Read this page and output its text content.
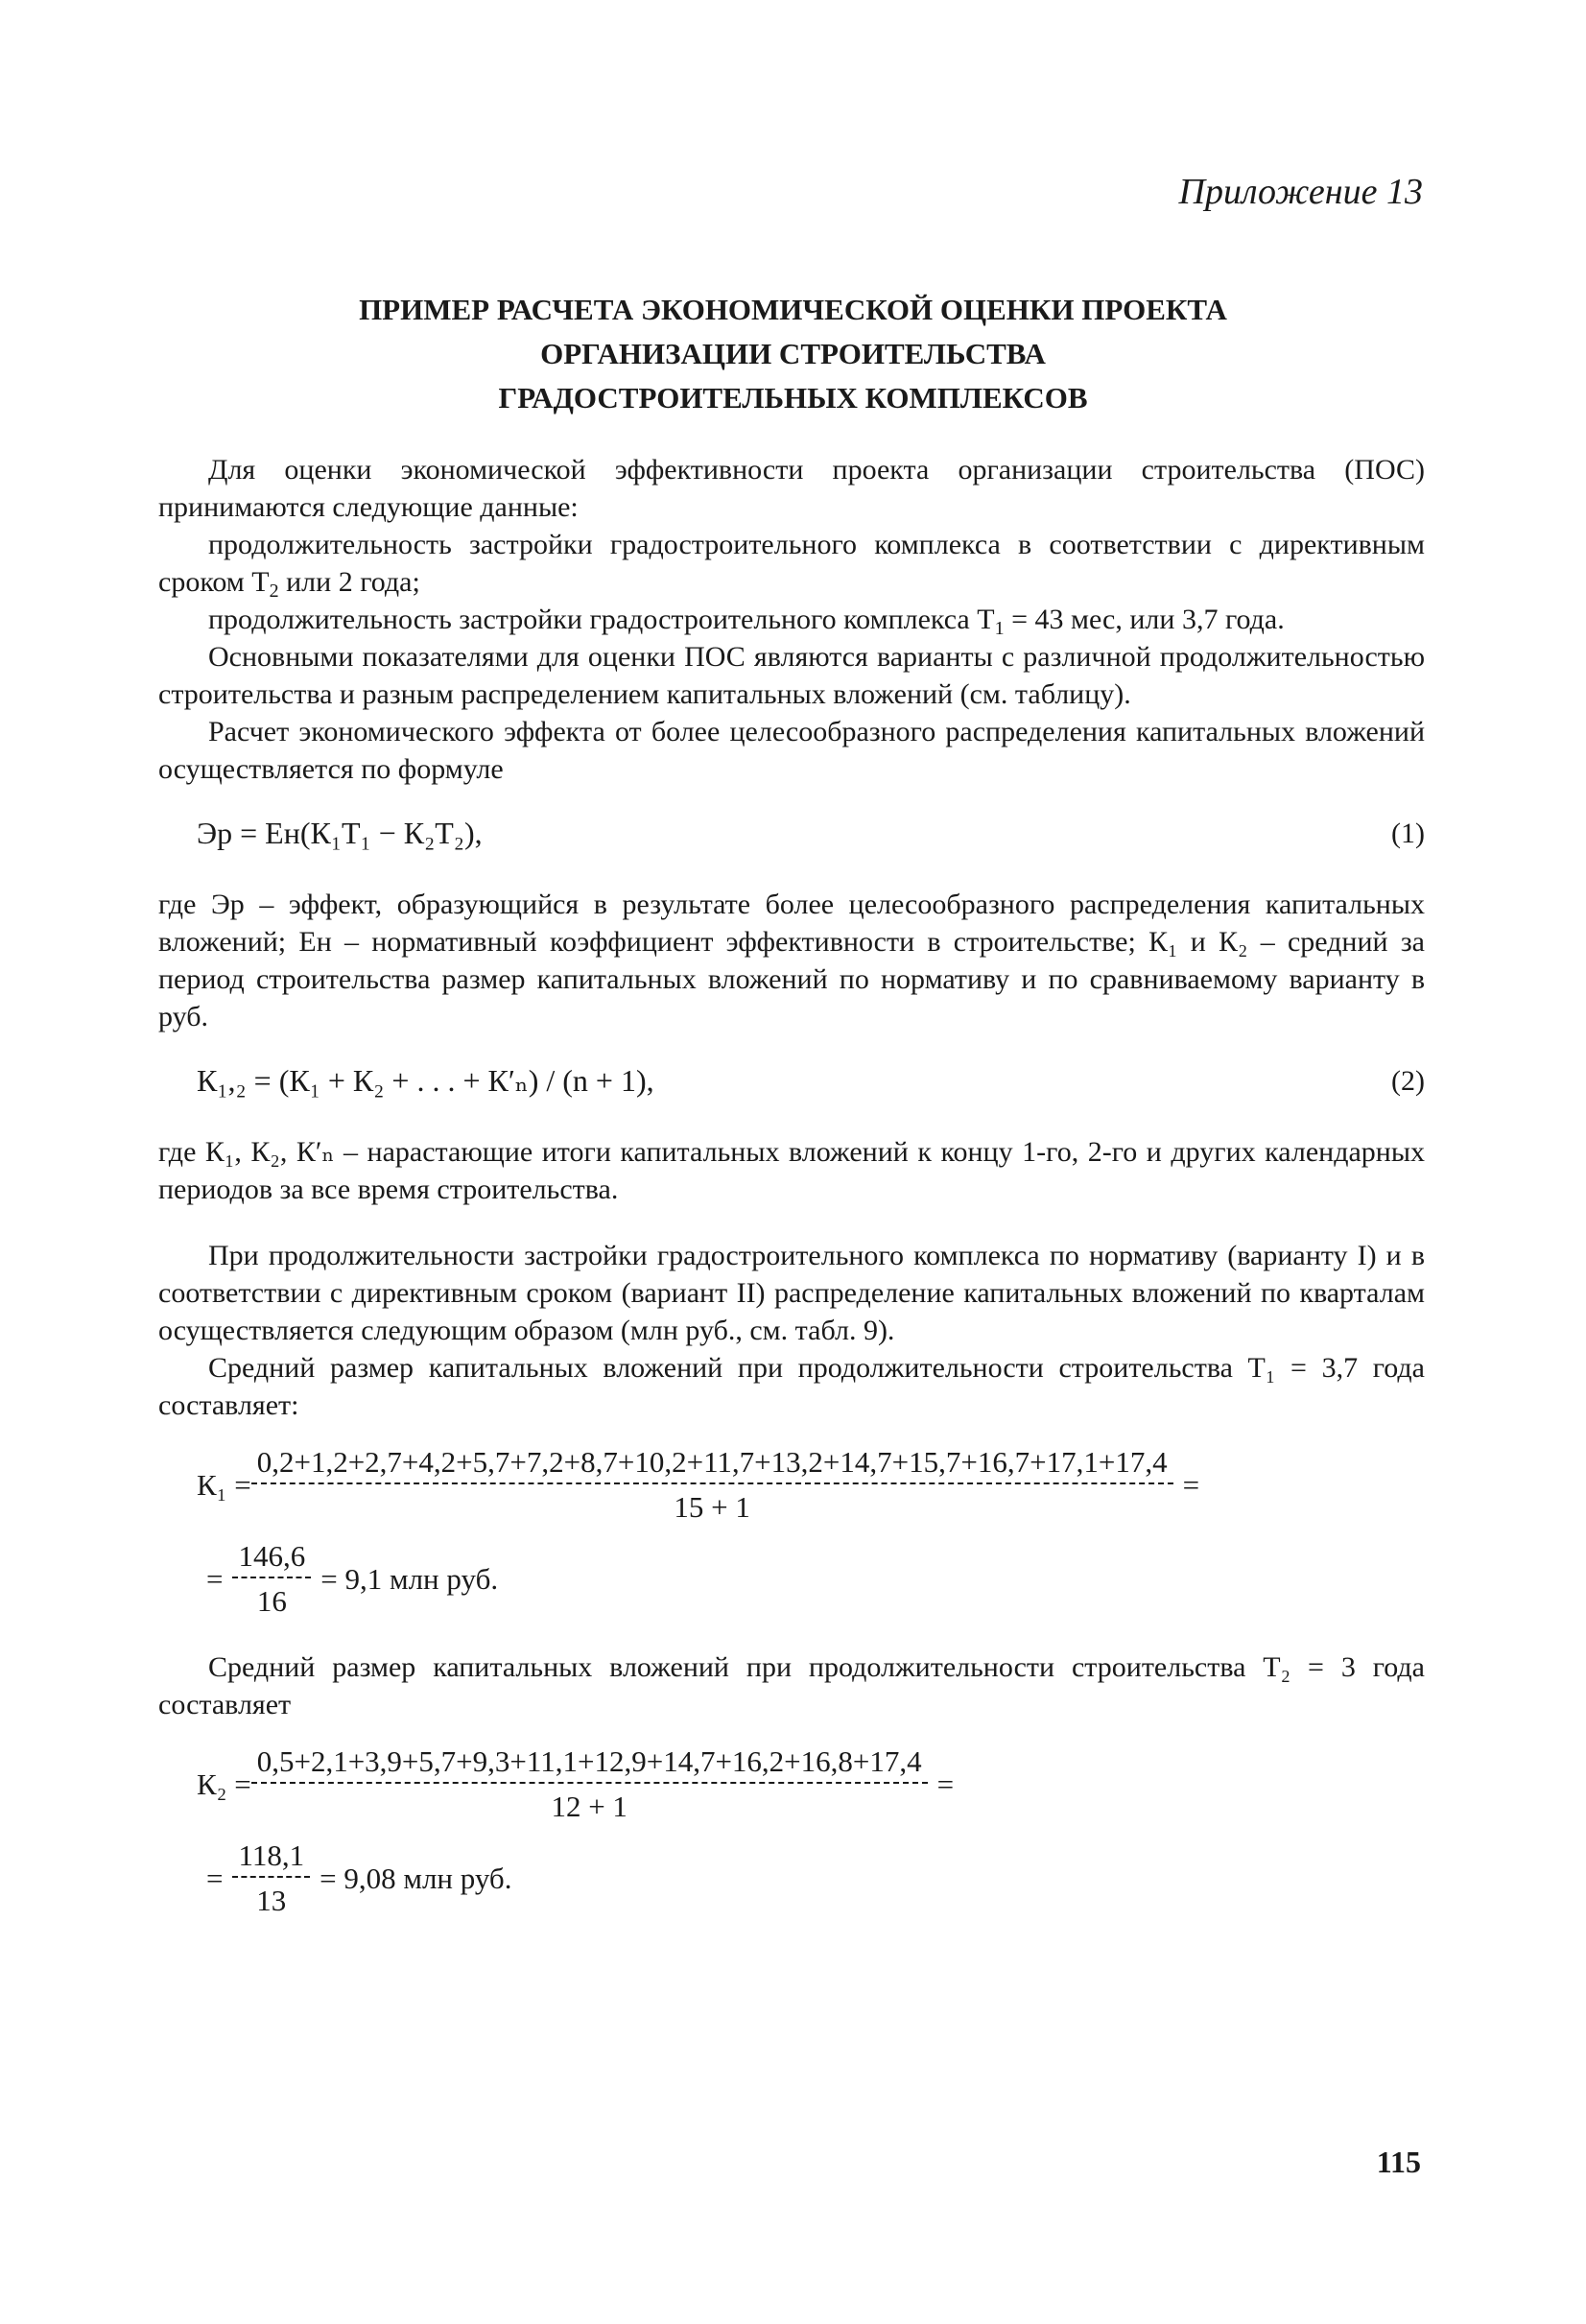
Приложение 13
ПРИМЕР РАСЧЕТА ЭКОНОМИЧЕСКОЙ ОЦЕНКИ ПРОЕКТА
ОРГАНИЗАЦИИ СТРОИТЕЛЬСТВА
ГРАДОСТРОИТЕЛЬНЫХ КОМПЛЕКСОВ

Для оценки экономической эффективности проекта организации строительства (ПОС) принимаются следующие данные:

продолжительность застройки градостроительного комплекса в соответствии с директивным сроком $Т_2$ или 2 года;

продолжительность застройки градостроительного комплекса $Т_1 = 43$ мес, или 3,7 года.

Основными показателями для оценки ПОС являются варианты с различной продолжительностью строительства и разным распределением капитальных вложений (см. таблицу).

Расчет экономического эффекта от более целесообразного распределения капитальных вложений осуществляется по формуле

Эр = Ен(К₁Т₁ − К₂Т₂),	(1)

где Эр – эффект, образующийся в результате более целесообразного распределения капитальных вложений; Ен – нормативный коэффициент эффективности в строительстве; К₁ и К₂ – средний за период строительства размер капитальных вложений по нормативу и по сравниваемому варианту в руб.

К₁,₂ = (К₁ + К₂ + . . . + К′ₙ) / (n + 1),	(2)

где К₁, К₂, К′ₙ – нарастающие итоги капитальных вложений к концу 1-го, 2-го и других календарных периодов за все время строительства.

При продолжительности застройки градостроительного комплекса по нормативу (варианту I) и в соответствии с директивным сроком (вариант II) распределение капитальных вложений по кварталам осуществляется следующим образом (млн руб., см. табл. 9).

Средний размер капитальных вложений при продолжительности строительства Т₁ = 3,7 года составляет:

К₁ =
0,2+1,2+2,7+4,2+5,7+7,2+8,7+10,2+11,7+13,2+14,7+15,7+16,7+17,1+17,4
15 + 1
=
= $\frac{146,6}{16} = 9,1$ млн руб.

Средний размер капитальных вложений при продолжительности строительства Т₂ = 3 года составляет

$К_2 = \frac{0,5+2,1+3,9+5,7+9,3+11,1+12,9+14,7+16,2+16,8+17,4}{12 + 1}$ =
= $\frac{118,1}{13} = 9,08$ млн руб.
115
